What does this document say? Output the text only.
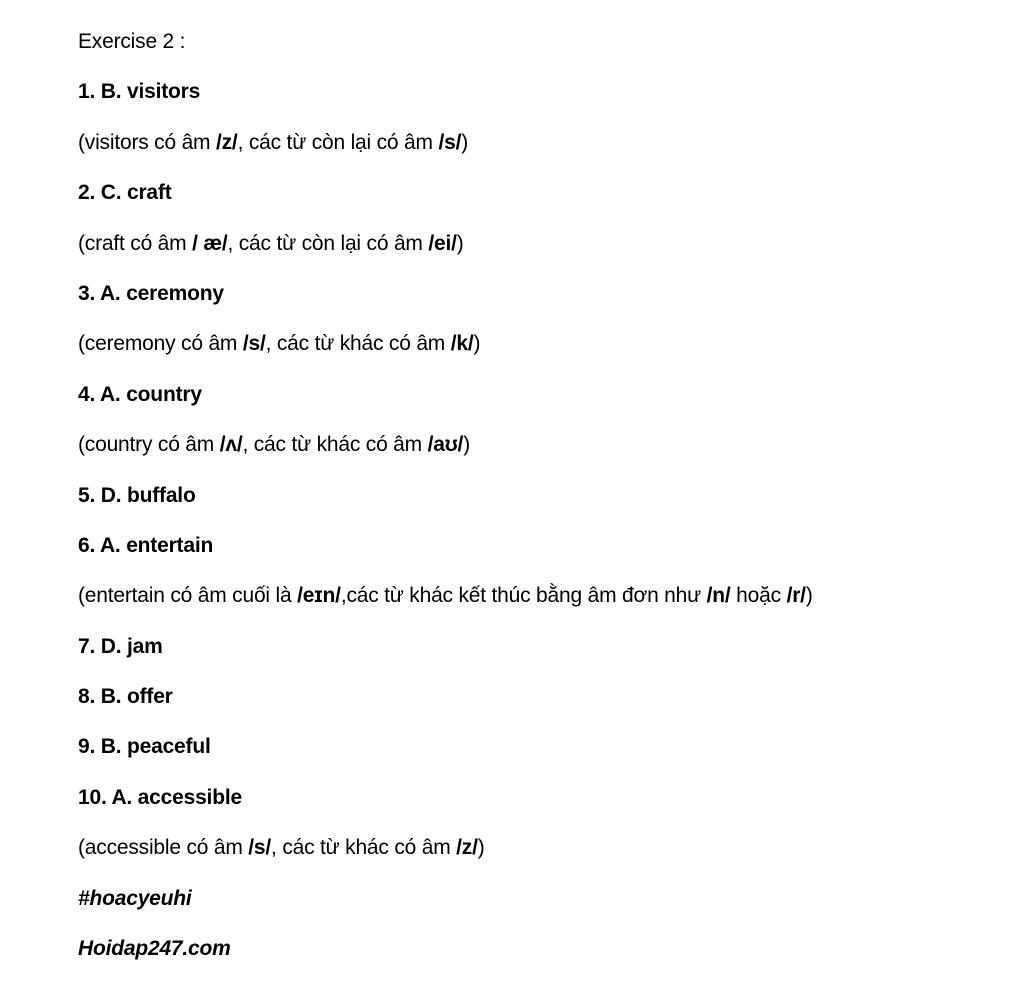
Exercise 2 :
1. B. visitors
(visitors có âm /z/, các từ còn lại có âm /s/)
2. C. craft
(craft có âm / æ/, các từ còn lại có âm /ei/)
3. A. ceremony
(ceremony có âm /s/, các từ khác có âm /k/)
4. A. country
(country có âm /ʌ/, các từ khác có âm /aʊ/)
5. D. buffalo
6. A. entertain
(entertain có âm cuối là /eɪn/,các từ khác kết thúc bằng âm đơn như /n/ hoặc /r/)
7. D. jam
8. B. offer
9. B. peaceful
10. A. accessible
(accessible có âm /s/, các từ khác có âm /z/)
#hoacyeuhi
Hoidap247.com
